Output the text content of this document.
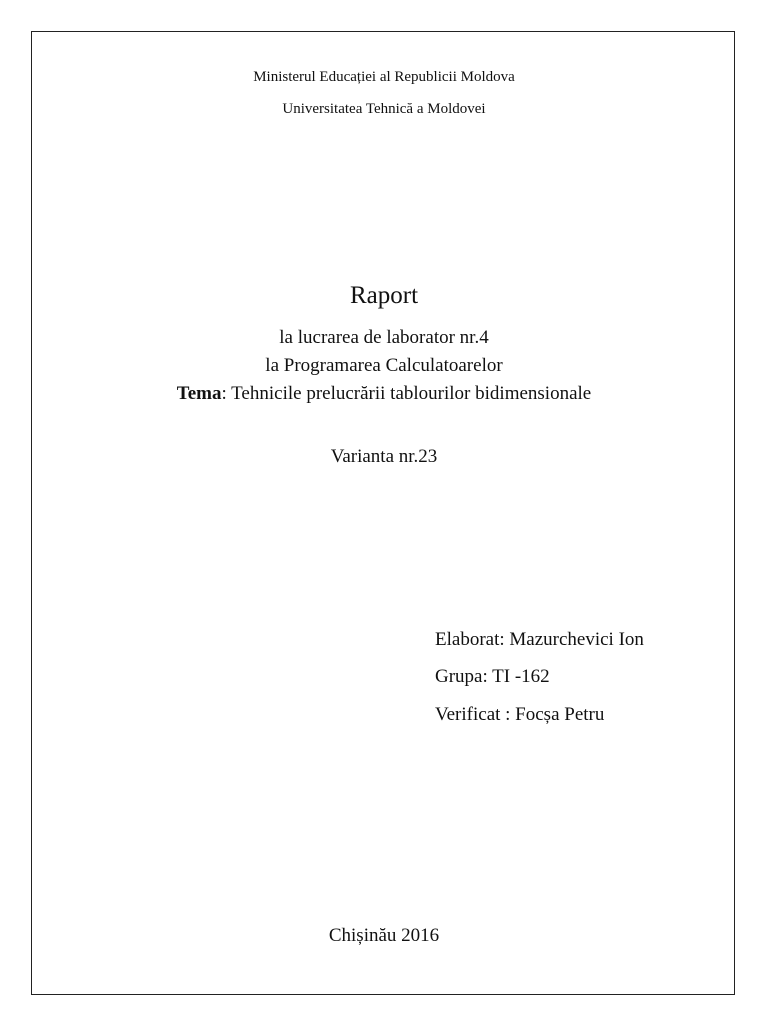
Ministerul Educației al Republicii Moldova
Universitatea Tehnică a Moldovei
Raport
la lucrarea de laborator nr.4
la Programarea Calculatoarelor
Tema: Tehnicile prelucrării tablourilor bidimensionale
Varianta nr.23
Elaborat: Mazurchevici Ion
Grupa: TI -162
Verificat : Focșa Petru
Chișinău 2016
